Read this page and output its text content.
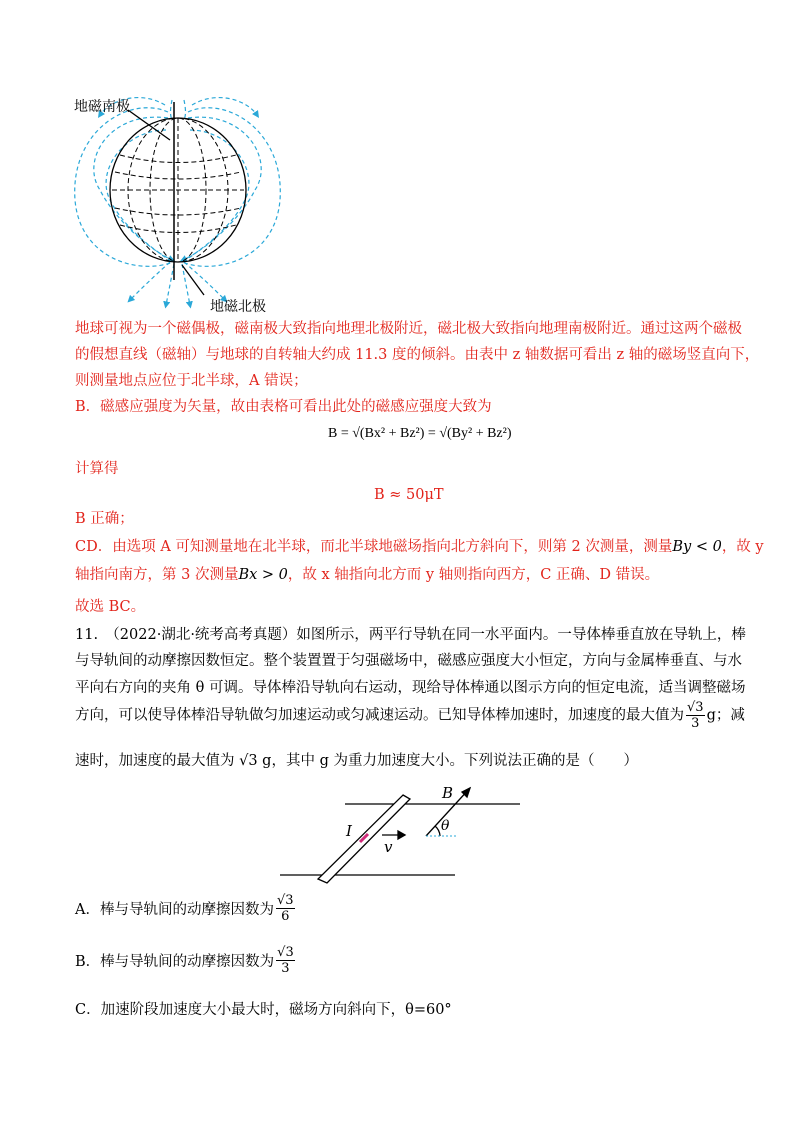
地磁南极
地磁北极
地球可视为一个磁偶极，磁南极大致指向地理北极附近，磁北极大致指向地理南极附近。通过这两个磁极
的假想直线（磁轴）与地球的自转轴大约成 11.3 度的倾斜。由表中 z 轴数据可看出 z 轴的磁场竖直向下，
则测量地点应位于北半球，A 错误；
B．磁感应强度为矢量，故由表格可看出此处的磁感应强度大致为
B = √(Bx² + Bz²) = √(By² + Bz²)
计算得
B ≈ 50μT
B 正确；
CD．由选项 A 可知测量地在北半球，而北半球地磁场指向北方斜向下，则第 2 次测量，测量By < 0，故 y
轴指向南方，第 3 次测量Bx > 0，故 x 轴指向北方而 y 轴则指向西方，C 正确、D 错误。
故选 BC。
11.　（2022·湖北·统考高考真题）如图所示，两平行导轨在同一水平面内。一导体棒垂直放在导轨上，棒
与导轨间的动摩擦因数恒定。整个装置置于匀强磁场中，磁感应强度大小恒定，方向与金属棒垂直、与水
平向右方向的夹角 θ 可调。导体棒沿导轨向右运动，现给导体棒通以图示方向的恒定电流，适当调整磁场
方向，可以使导体棒沿导轨做匀加速运动或匀减速运动。已知导体棒加速时，加速度的最大值为 $\frac{√3}{3}$ g；减
速时，加速度的最大值为 √3 g，其中 g 为重力加速度大小。下列说法正确的是（　　）
B
I
v
θ
A．棒与导轨间的动摩擦因数为 $\frac{√3}{6}$
B．棒与导轨间的动摩擦因数为 $\frac{√3}{3}$
C．加速阶段加速度大小最大时，磁场方向斜向下，θ=60°
